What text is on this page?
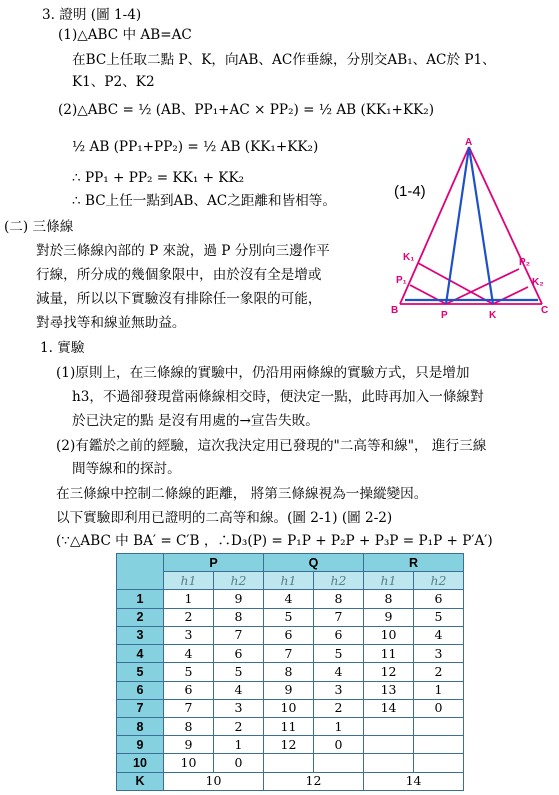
3. 證明 (圖 1-4)
(1)△ABC 中 AB=AC
在BC上任取二點 P、K，向AB、AC作垂線，分別交AB₁、AC於 P1、
K1、P2、K2
(2)△ABC = ½ (AB、PP₁+AC × PP₂) = ½ AB (KK₁+KK₂)
½ AB (PP₁+PP₂) = ½ AB (KK₁+KK₂)
∴ PP₁ + PP₂ = KK₁ + KK₂
∴ BC上任一點到AB、AC之距離和皆相等。
(1-4)
A
K₁
P₁
B	P	K
P₂
K₂
C
(二) 三條線
對於三條線內部的 P 來說，過 P 分別向三邊作平
行線，所分成的幾個象限中，由於沒有全是增或
減量，所以以下實驗沒有排除任一象限的可能，
對尋找等和線並無助益。
1. 實驗
(1)原則上，在三條線的實驗中，仍沿用兩條線的實驗方式，只是增加
h3，不過卻發現當兩條線相交時，便決定一點，此時再加入一條線對
於已決定的點 是沒有用處的→宣告失敗。
(2)有鑑於之前的經驗，這次我決定用已發現的"二高等和線"， 進行三線
間等線和的探討。
在三條線中控制二條線的距離， 將第三條線視為一操縱變因。
以下實驗即利用已證明的二高等和線。(圖 2-1) (圖 2-2)
(∵△ABC 中 BA′ = C′B ，∴D₃(P) = P₁P + P₂P + P₃P = P₁P + P′A′)
	P		Q		R	
	h1	h2	h1	h2	h1	h2
1	1	9	4	8	8	6
2	2	8	5	7	9	5
3	3	7	6	6	10	4
4	4	6	7	5	11	3
5	5	5	8	4	12	2
6	6	4	9	3	13	1
7	7	3	10	2	14	0
8	8	2	11	1		
9	9	1	12	0		
10	10	0				
K	10		12		14	
